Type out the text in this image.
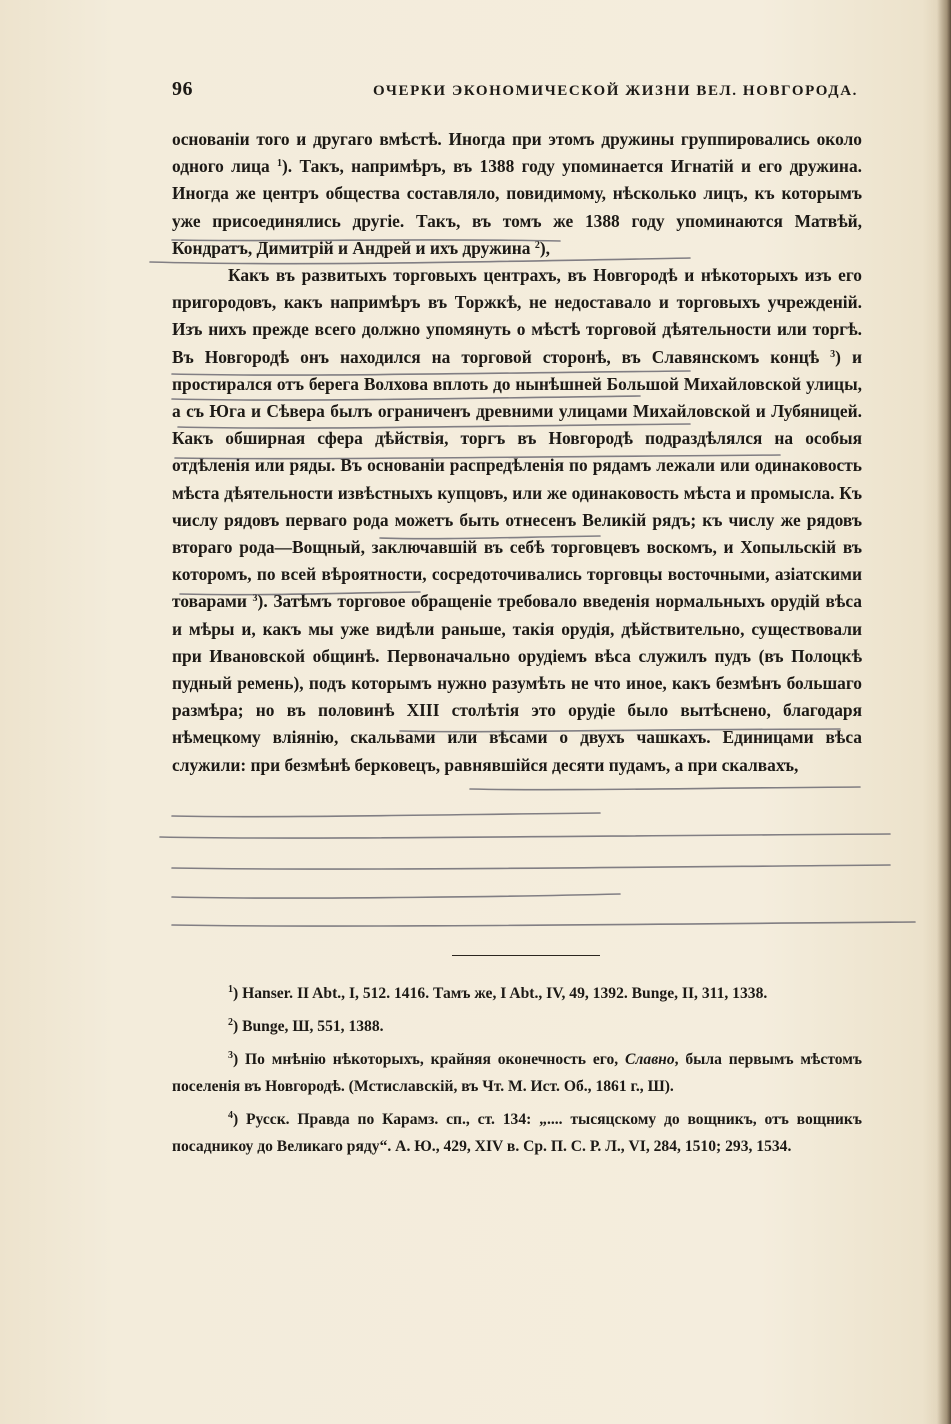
96	ОЧЕРКИ ЭКОНОМИЧЕСКОЙ ЖИЗНИ ВЕЛ. НОВГОРОДА.

основаніи того и другаго вмѣстѣ. Иногда при этомъ дружины группировались около одного лица $^1$). Такъ, напримѣръ, въ 1388 году упоминается Игнатій и его дружина. Иногда же центръ общества составляло, повидимому, нѣсколько лицъ, къ которымъ уже присоединялись другіе. Такъ, въ томъ же 1388 году упоминаются Матвѣй, Кондратъ, Димитрій и Андрей и ихъ дружина $^2$),

Какъ въ развитыхъ торговыхъ центрахъ, въ Новгородѣ и нѣкоторыхъ изъ его пригородовъ, какъ напримѣръ въ Торжкѣ, не недоставало и торговыхъ учрежденій. Изъ нихъ прежде всего должно упомянуть о мѣстѣ торговой дѣятельности или торгѣ. Въ Новгородѣ онъ находился на торговой сторонѣ, въ Славянскомъ концѣ $^3$) и простирался отъ берега Волхова вплоть до нынѣшней Большой Михайловской улицы, а съ Юга и Сѣвера былъ ограниченъ древними улицами Михайловской и Лубяницей. Какъ обширная сфера дѣйствія, торгъ въ Новгородѣ подраздѣлялся на особыя отдѣленія или ряды. Въ основаніи распредѣленія по рядамъ лежали или одинаковость мѣста дѣятельности извѣстныхъ купцовъ, или же одинаковость мѣста и промысла. Къ числу рядовъ перваго рода можетъ быть отнесенъ Великій рядъ; къ числу же рядовъ втораго рода—Вощный, заключавшій въ себѣ торговцевъ воскомъ, и Хопыльскій въ которомъ, по всей вѣроятности, сосредоточивались торговцы восточными, азіатскими товарами $^3$). Затѣмъ торговое обращеніе требовало введенія нормальныхъ орудій вѣса и мѣры и, какъ мы уже видѣли раньше, такія орудія, дѣйствительно, существовали при Ивановской общинѣ. Первоначально орудіемъ вѣса служилъ пудъ (въ Полоцкѣ пудный ремень), подъ которымъ нужно разумѣть не что иное, какъ безмѣнъ большаго размѣра; но въ половинѣ XIII столѣтія это орудіе было вытѣснено, благодаря нѣмецкому вліянію, скальвами или вѣсами о двухъ чашкахъ. Единицами вѣса служили: при безмѣнѣ берковецъ, равнявшійся десяти пудамъ, а при скалвахъ,

$^1$) Hanser. II Abt., I, 512. 1416. Тамъ же, I Abt., IV, 49, 1392. Bunge, II, 311, 1338.

$^2$) Bunge, Ш, 551, 1388.

$^3$) По мнѣнію нѣкоторыхъ, крайняя оконечность его, Славно, была первымъ мѣстомъ поселенія въ Новгородѣ. (Мстиславскій, въ Чт. М. Ист. Об., 1861 г., Ш).

$^4$) Русск. Правда по Карамз. сп., ст. 134: „.... тысяцскому до вощникъ, отъ вощникъ посадникоу до Великаго ряду“. А. Ю., 429, XIV в. Ср. П. С. Р. Л., VI, 284, 1510; 293, 1534.
